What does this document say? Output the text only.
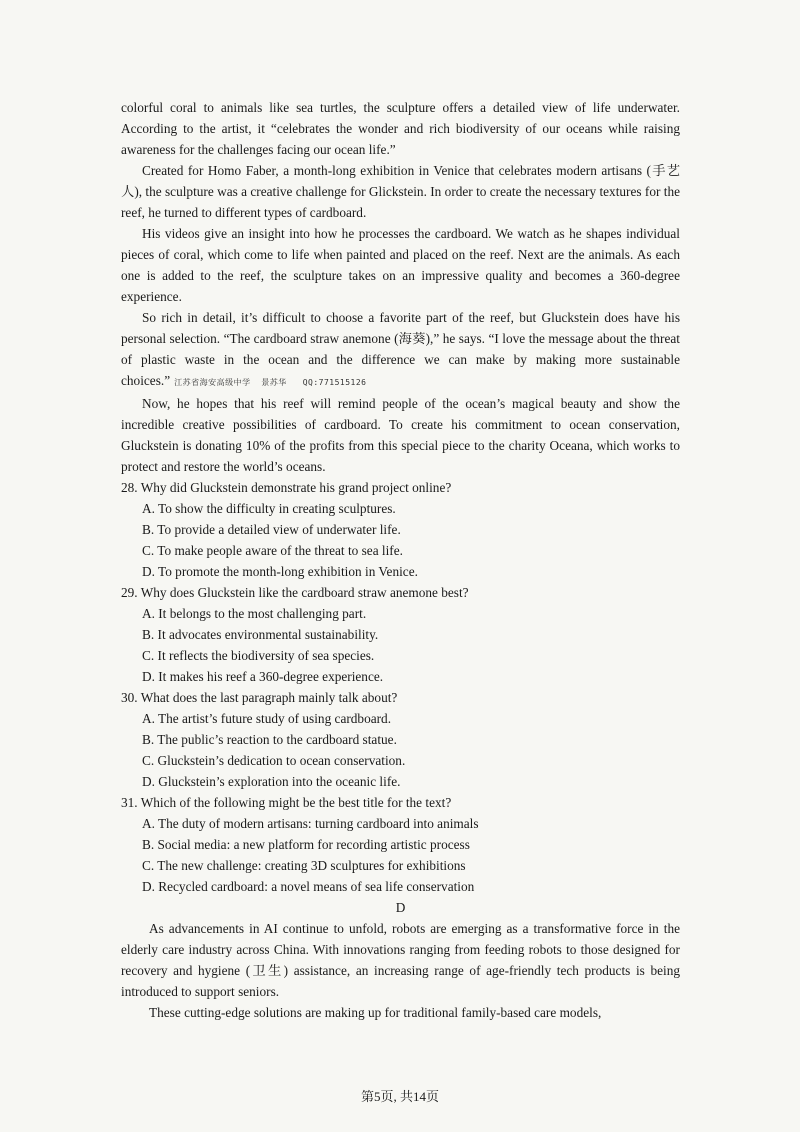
colorful coral to animals like sea turtles, the sculpture offers a detailed view of life underwater. According to the artist, it “celebrates the wonder and rich biodiversity of our oceans while raising awareness for the challenges facing our ocean life.”

Created for Homo Faber, a month-long exhibition in Venice that celebrates modern artisans (手艺人), the sculpture was a creative challenge for Glickstein. In order to create the necessary textures for the reef, he turned to different types of cardboard.

His videos give an insight into how he processes the cardboard. We watch as he shapes individual pieces of coral, which come to life when painted and placed on the reef. Next are the animals. As each one is added to the reef, the sculpture takes on an impressive quality and becomes a 360-degree experience.

So rich in detail, it’s difficult to choose a favorite part of the reef, but Gluckstein does have his personal selection. “The cardboard straw anemone (海葵),” he says. “I love the message about the threat of plastic waste in the ocean and the difference we can make by making more sustainable choices.” 江苏省海安高级中学  景苏华   QQ:771515126

Now, he hopes that his reef will remind people of the ocean’s magical beauty and show the incredible creative possibilities of cardboard. To create his commitment to ocean conservation, Gluckstein is donating 10% of the profits from this special piece to the charity Oceana, which works to protect and restore the world’s oceans.

28. Why did Gluckstein demonstrate his grand project online?

A. To show the difficulty in creating sculptures.

B. To provide a detailed view of underwater life.

C. To make people aware of the threat to sea life.

D. To promote the month-long exhibition in Venice.

29. Why does Gluckstein like the cardboard straw anemone best?

A. It belongs to the most challenging part.

B. It advocates environmental sustainability.

C. It reflects the biodiversity of sea species.

D. It makes his reef a 360-degree experience.

30. What does the last paragraph mainly talk about?

A. The artist’s future study of using cardboard.

B. The public’s reaction to the cardboard statue.

C. Gluckstein’s dedication to ocean conservation.

D. Gluckstein’s exploration into the oceanic life.

31. Which of the following might be the best title for the text?

A. The duty of modern artisans: turning cardboard into animals

B. Social media: a new platform for recording artistic process

C. The new challenge: creating 3D sculptures for exhibitions

D. Recycled cardboard: a novel means of sea life conservation

D

As advancements in AI continue to unfold, robots are emerging as a transformative force in the elderly care industry across China. With innovations ranging from feeding robots to those designed for recovery and hygiene (卫生) assistance, an increasing range of age-friendly tech products is being introduced to support seniors.

These cutting-edge solutions are making up for traditional family-based care models,

第5页, 共14页
